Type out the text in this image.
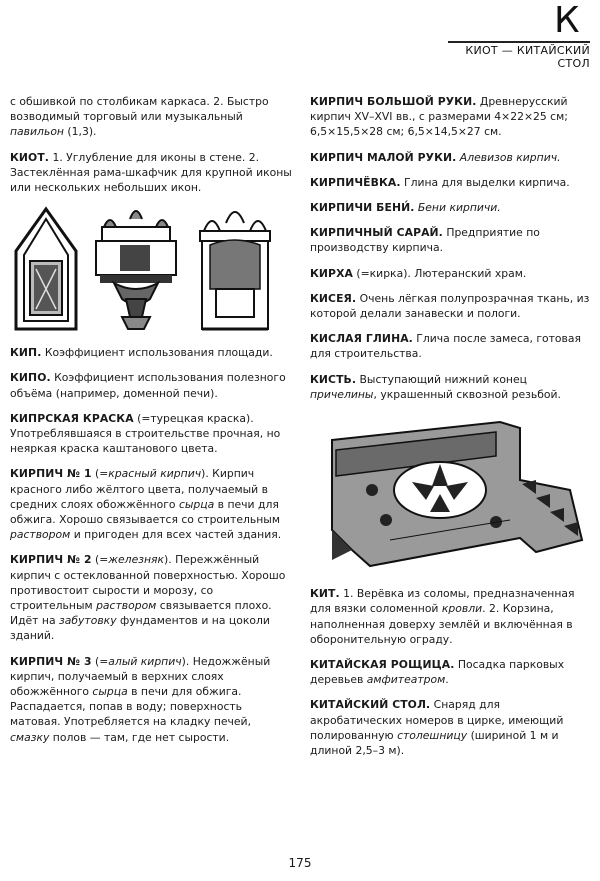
К
КИОТ — КИТАЙСКИЙ СТОЛ

с обшивкой по столбикам каркаса. 2. Быстро возводимый торговый или музыкальный павильон (1,3).

КИОТ. 1. Углубление для иконы в стене. 2. Застеклённая рама-шкафчик для крупной иконы или нескольких небольших икон.

КИП. Коэффициент использования площади.

КИПО. Коэффициент использования полезного объёма (например, доменной печи).

КИПРСКАЯ КРАСКА (=турецкая краска). Употреблявшаяся в строительстве прочная, но неяркая краска каштанового цвета.

КИРПИЧ № 1 (=красный кирпич). Кирпич красного либо жёлтого цвета, получаемый в средних слоях обожжённого сырца в печи для обжига. Хорошо связывается со строительным раствором и пригоден для всех частей здания.

КИРПИЧ № 2 (=железняк). Пережжённый кирпич с остеклованной поверхностью. Хорошо противостоит сырости и морозу, со строительным раствором связывается плохо. Идёт на забутовку фундаментов и на цоколи зданий.

КИРПИЧ № 3 (=алый кирпич). Недожжёный кирпич, получаемый в верхних слоях обожжённого сырца в печи для обжига. Распадается, попав в воду; поверхность матовая. Употребляется на кладку печей, смазку полов — там, где нет сырости.

КИРПИЧ БОЛЬШОЙ РУКИ. Древнерусский кирпич XV–XVI вв., с размерами 4×22×25 см; 6,5×15,5×28 см; 6,5×14,5×27 см.

КИРПИЧ МАЛОЙ РУКИ. Алевизов кирпич.

КИРПИЧЁВКА. Глина для выделки кирпича.

КИРПИЧИ БЕНИ́. Бени кирпичи.

КИРПИЧНЫЙ САРАЙ. Предприятие по производству кирпича.

КИРХА (=кирка). Лютеранский храм.

КИСЕЯ. Очень лёгкая полупрозрачная ткань, из которой делали занавески и пологи.

КИСЛАЯ ГЛИНА. Глича после замеса, готовая для строительства.

КИСТЬ. Выступающий нижний конец причелины, украшенный сквозной резьбой.

КИТ. 1. Верёвка из соломы, предназначенная для вязки соломенной кровли. 2. Корзина, наполненная доверху землёй и включённая в оборонительную ограду.

КИТАЙСКАЯ РОЩИЦА. Посадка парковых деревьев амфитеатром.

КИТАЙСКИЙ СТОЛ. Снаряд для акробатических номеров в цирке, имеющий полированную столешницу (шириной 1 м и длиной 2,5–3 м).

175
